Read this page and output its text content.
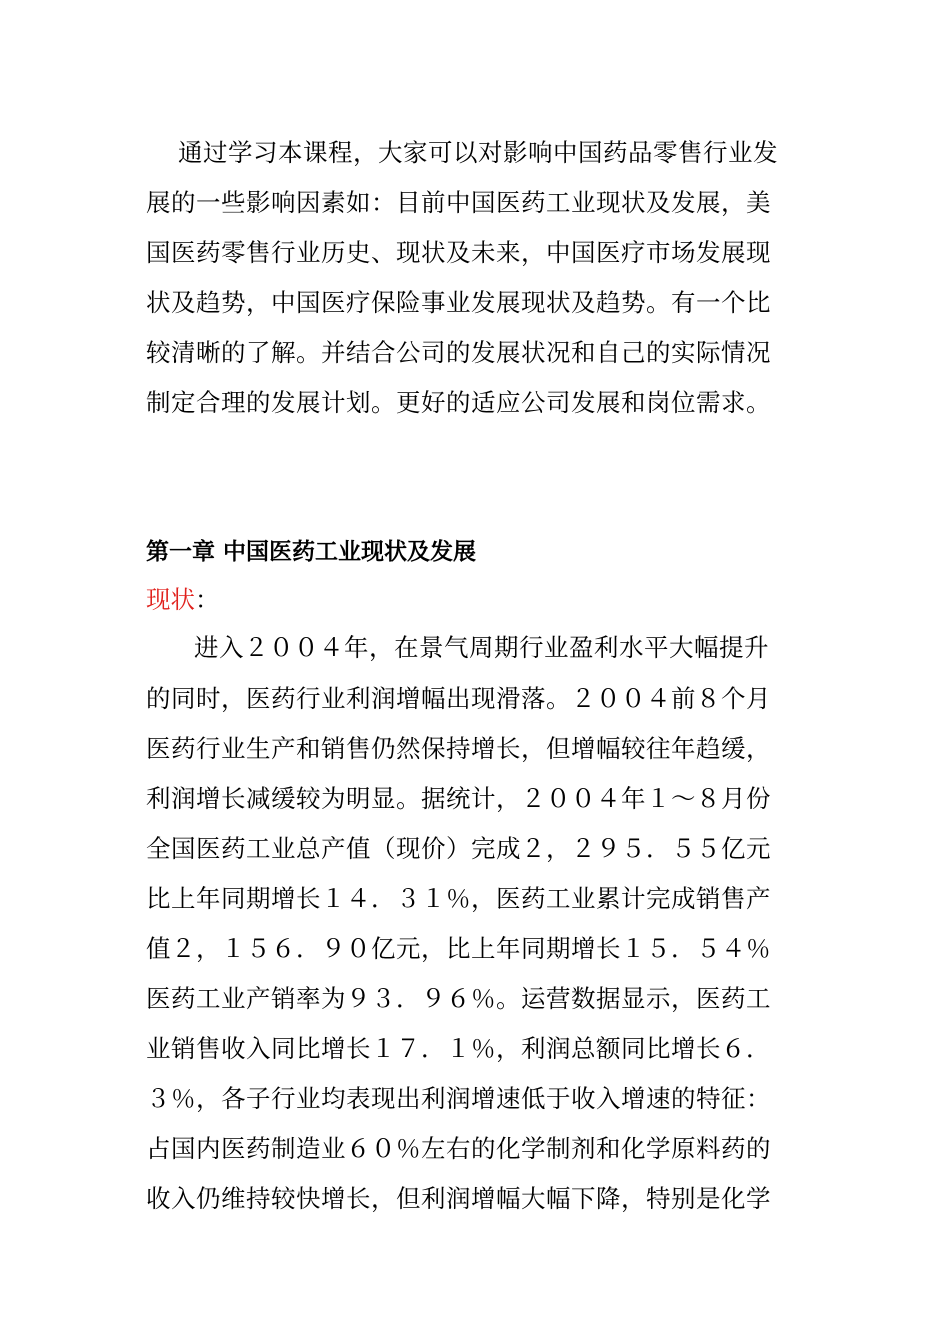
通过学习本课程，大家可以对影响中国药品零售行业发
展的一些影响因素如：目前中国医药工业现状及发展，美
国医药零售行业历史、现状及未来，中国医疗市场发展现
状及趋势，中国医疗保险事业发展现状及趋势。有一个比
较清晰的了解。并结合公司的发展状况和自己的实际情况
制定合理的发展计划。更好的适应公司发展和岗位需求。
第一章 中国医药工业现状及发展
现状：
进入２００４年，在景气周期行业盈利水平大幅提升
的同时，医药行业利润增幅出现滑落。２００４前８个月
医药行业生产和销售仍然保持增长，但增幅较往年趋缓，
利润增长减缓较为明显。据统计，２００４年１～８月份
全国医药工业总产值（现价）完成２，２９５．５５亿元
比上年同期增长１４．３１％，医药工业累计完成销售产
值２，１５６．９０亿元，比上年同期增长１５．５４％
医药工业产销率为９３．９６％。运营数据显示，医药工
业销售收入同比增长１７．１％，利润总额同比增长６．
３％，各子行业均表现出利润增速低于收入增速的特征：
占国内医药制造业６０％左右的化学制剂和化学原料药的
收入仍维持较快增长，但利润增幅大幅下降，特别是化学
